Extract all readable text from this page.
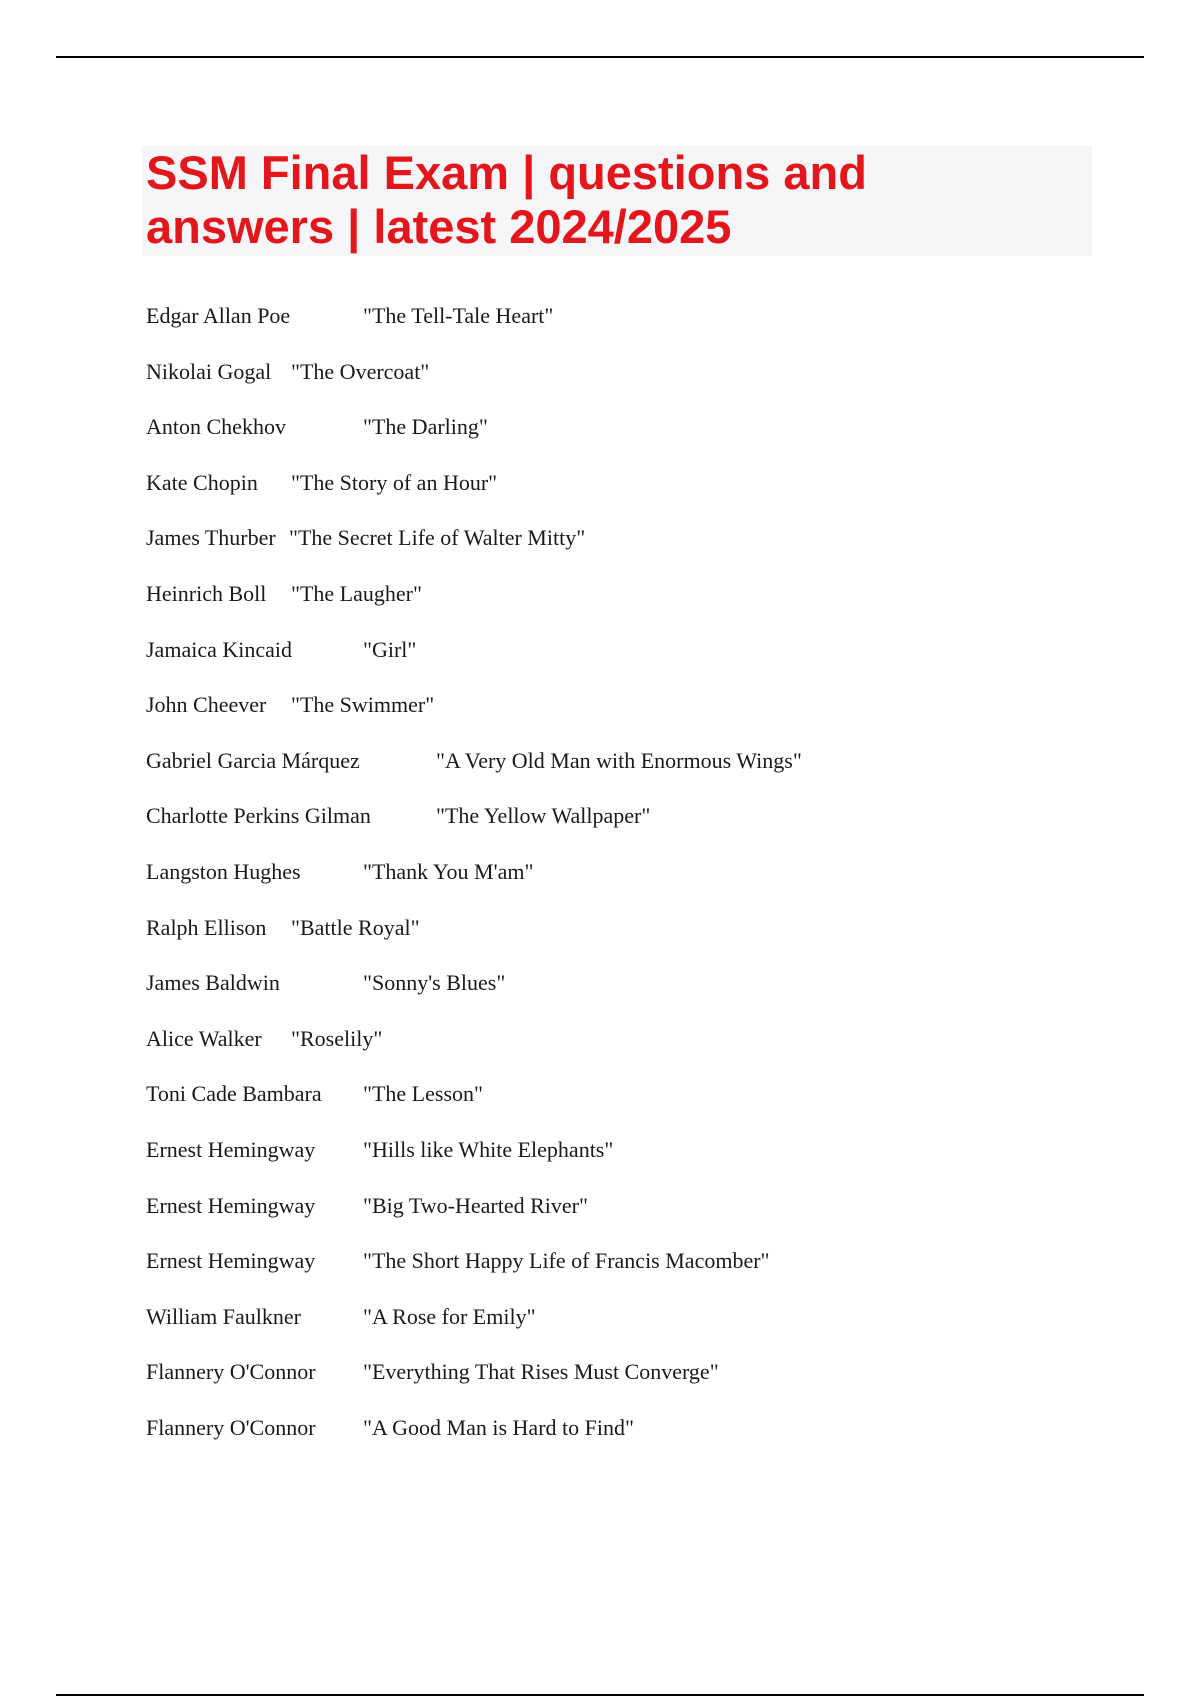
SSM Final Exam | questions and
answers | latest 2024/2025
Edgar Allan Poe	"The Tell-Tale Heart"
Nikolai Gogal "The Overcoat"
Anton Chekhov	"The Darling"
Kate Chopin "The Story of an Hour"
James Thurber "The Secret Life of Walter Mitty"
Heinrich Boll "The Laugher"
Jamaica Kincaid	"Girl"
John Cheever "The Swimmer"
Gabriel Garcia Márquez	"A Very Old Man with Enormous Wings"
Charlotte Perkins Gilman	"The Yellow Wallpaper"
Langston Hughes	"Thank You M'am"
Ralph Ellison "Battle Royal"
James Baldwin	"Sonny's Blues"
Alice Walker "Roselily"
Toni Cade Bambara "The Lesson"
Ernest Hemingway "Hills like White Elephants"
Ernest Hemingway "Big Two-Hearted River"
Ernest Hemingway "The Short Happy Life of Francis Macomber"
William Faulkner	"A Rose for Emily"
Flannery O'Connor "Everything That Rises Must Converge"
Flannery O'Connor "A Good Man is Hard to Find"
